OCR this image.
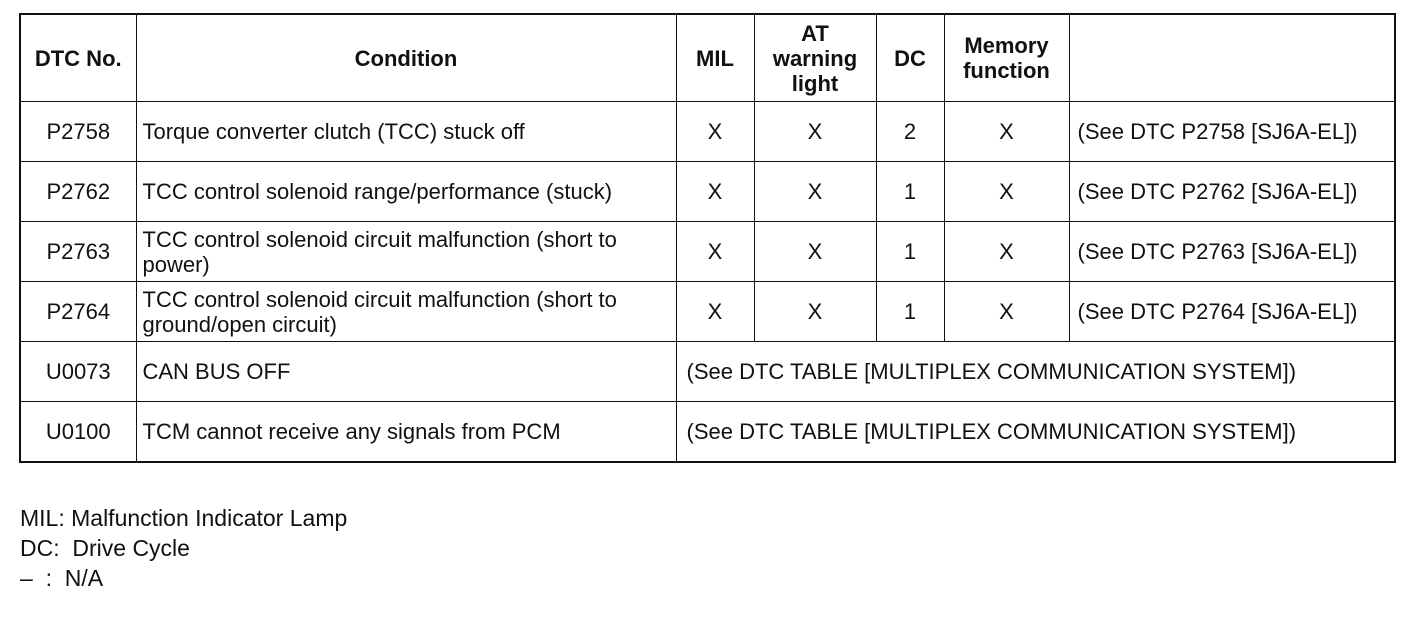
DTC No.	Condition	MIL	AT warning light	DC	Memory function	
P2758	Torque converter clutch (TCC) stuck off	X	X	2	X	(See DTC P2758 [SJ6A-EL])
P2762	TCC control solenoid range/performance (stuck)	X	X	1	X	(See DTC P2762 [SJ6A-EL])
P2763	TCC control solenoid circuit malfunction (short to power)	X	X	1	X	(See DTC P2763 [SJ6A-EL])
P2764	TCC control solenoid circuit malfunction (short to ground/open circuit)	X	X	1	X	(See DTC P2764 [SJ6A-EL])
U0073	CAN BUS OFF	(See DTC TABLE [MULTIPLEX COMMUNICATION SYSTEM])				
U0100	TCM cannot receive any signals from PCM	(See DTC TABLE [MULTIPLEX COMMUNICATION SYSTEM])				
MIL: Malfunction Indicator Lamp
DC:  Drive Cycle
–  :  N/A
